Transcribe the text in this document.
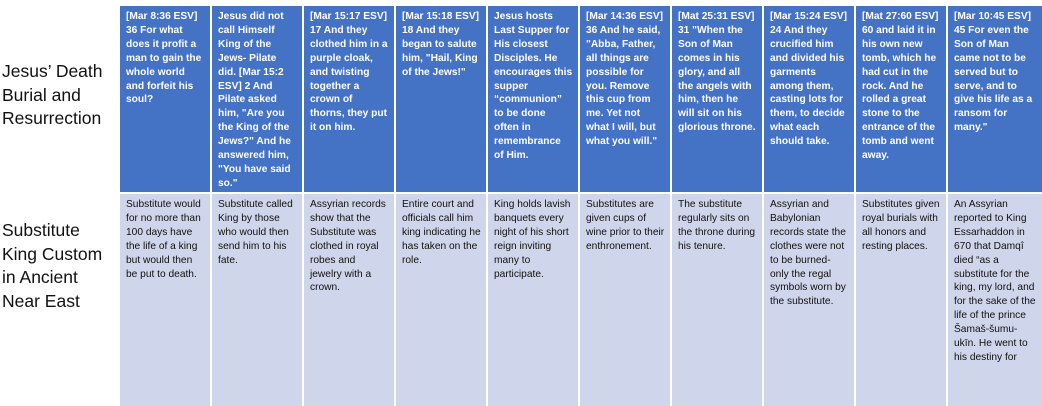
Jesus’ Death Burial and Resurrection
Substitute King Custom in Ancient Near East
[Mar 8:36 ESV] 36 For what does it profit a man to gain the whole world and forfeit his soul?
Jesus did not call Himself King of the Jews- Pilate did. [Mar 15:2 ESV] 2 And Pilate asked him, "Are you the King of the Jews?" And he answered him, "You have said so."
[Mar 15:17 ESV] 17 And they clothed him in a purple cloak, and twisting together a crown of thorns, they put it on him.
[Mar 15:18 ESV] 18 And they began to salute him, "Hail, King of the Jews!"
Jesus hosts Last Supper for His closest Disciples. He encourages this supper “communion” to be done often in remembrance of Him.
[Mar 14:36 ESV] 36 And he said, "Abba, Father, all things are possible for you. Remove this cup from me. Yet not what I will, but what you will."
[Mat 25:31 ESV] 31 "When the Son of Man comes in his glory, and all the angels with him, then he will sit on his glorious throne.
[Mar 15:24 ESV] 24 And they crucified him and divided his garments among them, casting lots for them, to decide what each should take.
[Mat 27:60 ESV] 60 and laid it in his own new tomb, which he had cut in the rock. And he rolled a great stone to the entrance of the tomb and went away.
[Mar 10:45 ESV] 45 For even the Son of Man came not to be served but to serve, and to give his life as a ransom for many."
Substitute would for no more than 100 days have the life of a king but would then be put to death.
Substitute called King by those who would then send him to his fate.
Assyrian records show that the Substitute was clothed in royal robes and jewelry with a crown.
Entire court and officials call him king indicating he has taken on the role.
King holds lavish banquets every night of his short reign inviting many to participate.
Substitutes are given cups of wine prior to their enthronement.
The substitute regularly sits on the throne during his tenure.
Assyrian and Babylonian records state the clothes were not to be burned- only the regal symbols worn by the substitute.
Substitutes given royal burials with all honors and resting places.
An Assyrian reported to King Essarhaddon in 670 that Damqî died “as a substitute for the king, my lord, and for the sake of the life of the prince Šamaš-šumu-ukīn. He went to his destiny for
